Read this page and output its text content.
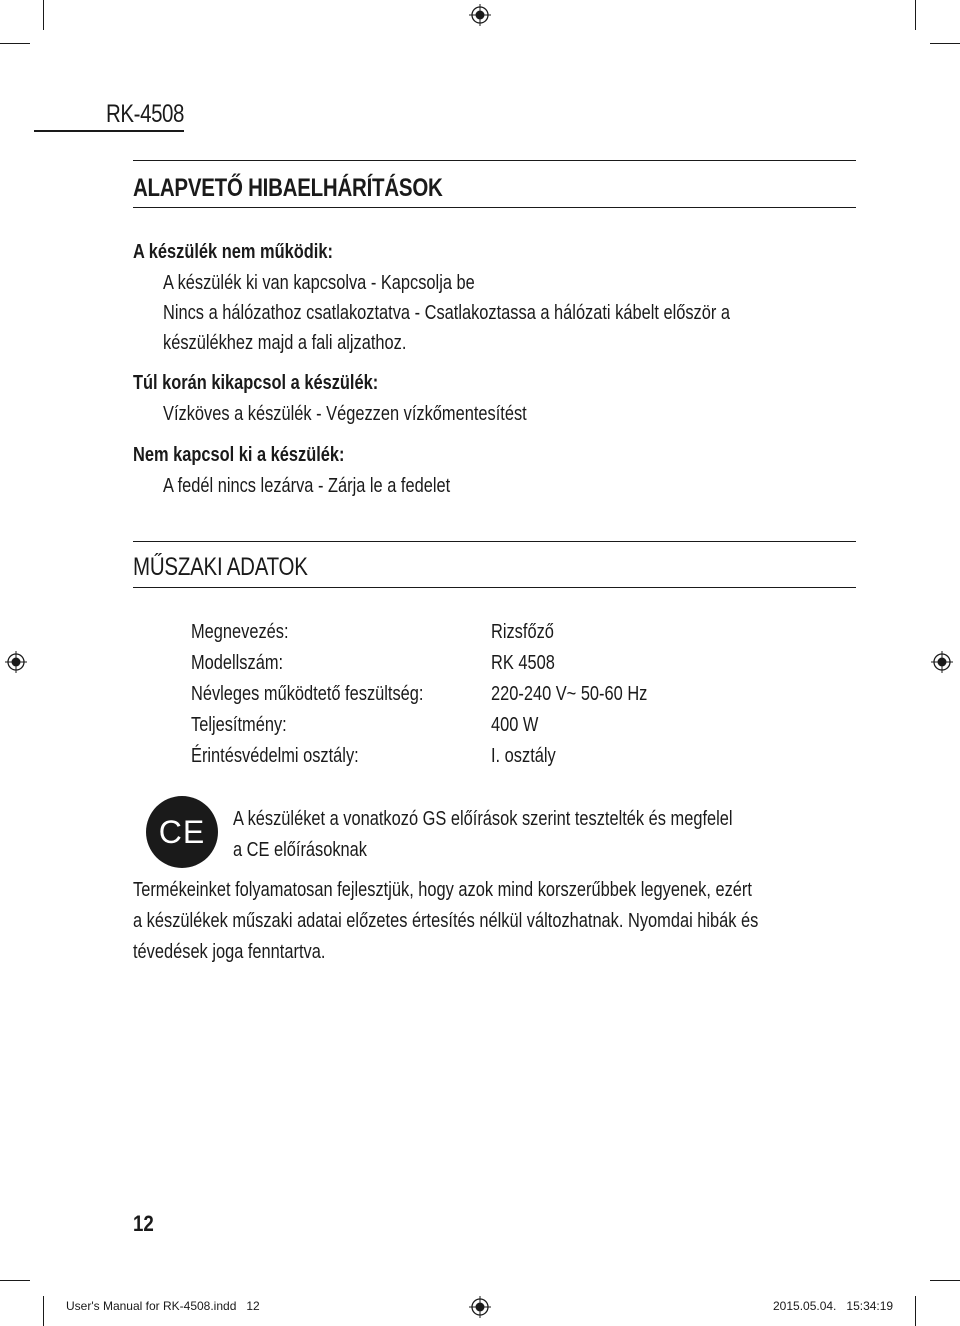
RK-4508
ALAPVETŐ HIBAELHÁRÍTÁSOK
A készülék nem működik:
A készülék ki van kapcsolva - Kapcsolja be
Nincs a hálózathoz csatlakoztatva - Csatlakoztassa a hálózati kábelt először a
készülékhez majd a fali aljzathoz.
Túl korán kikapcsol a készülék:
Vízköves a készülék - Végezzen vízkőmentesítést
Nem kapcsol ki a készülék:
A fedél nincs lezárva - Zárja le a fedelet
MŰSZAKI ADATOK
Megnevezés:	Rizsfőző
Modellszám:	RK 4508
Névleges működtető feszültség:	220-240 V~ 50-60 Hz
Teljesítmény:	400 W
Érintésvédelmi osztály:	I. osztály
CE A készüléket a vonatkozó GS előírások szerint tesztelték és megfelel
a CE előírásoknak
Termékeinket folyamatosan fejlesztjük, hogy azok mind korszerűbbek legyenek, ezért
a készülékek műszaki adatai előzetes értesítés nélkül változhatnak. Nyomdai hibák és
tévedések joga fenntartva.
12
User's Manual for RK-4508.indd   12	2015.05.04.   15:34:19
